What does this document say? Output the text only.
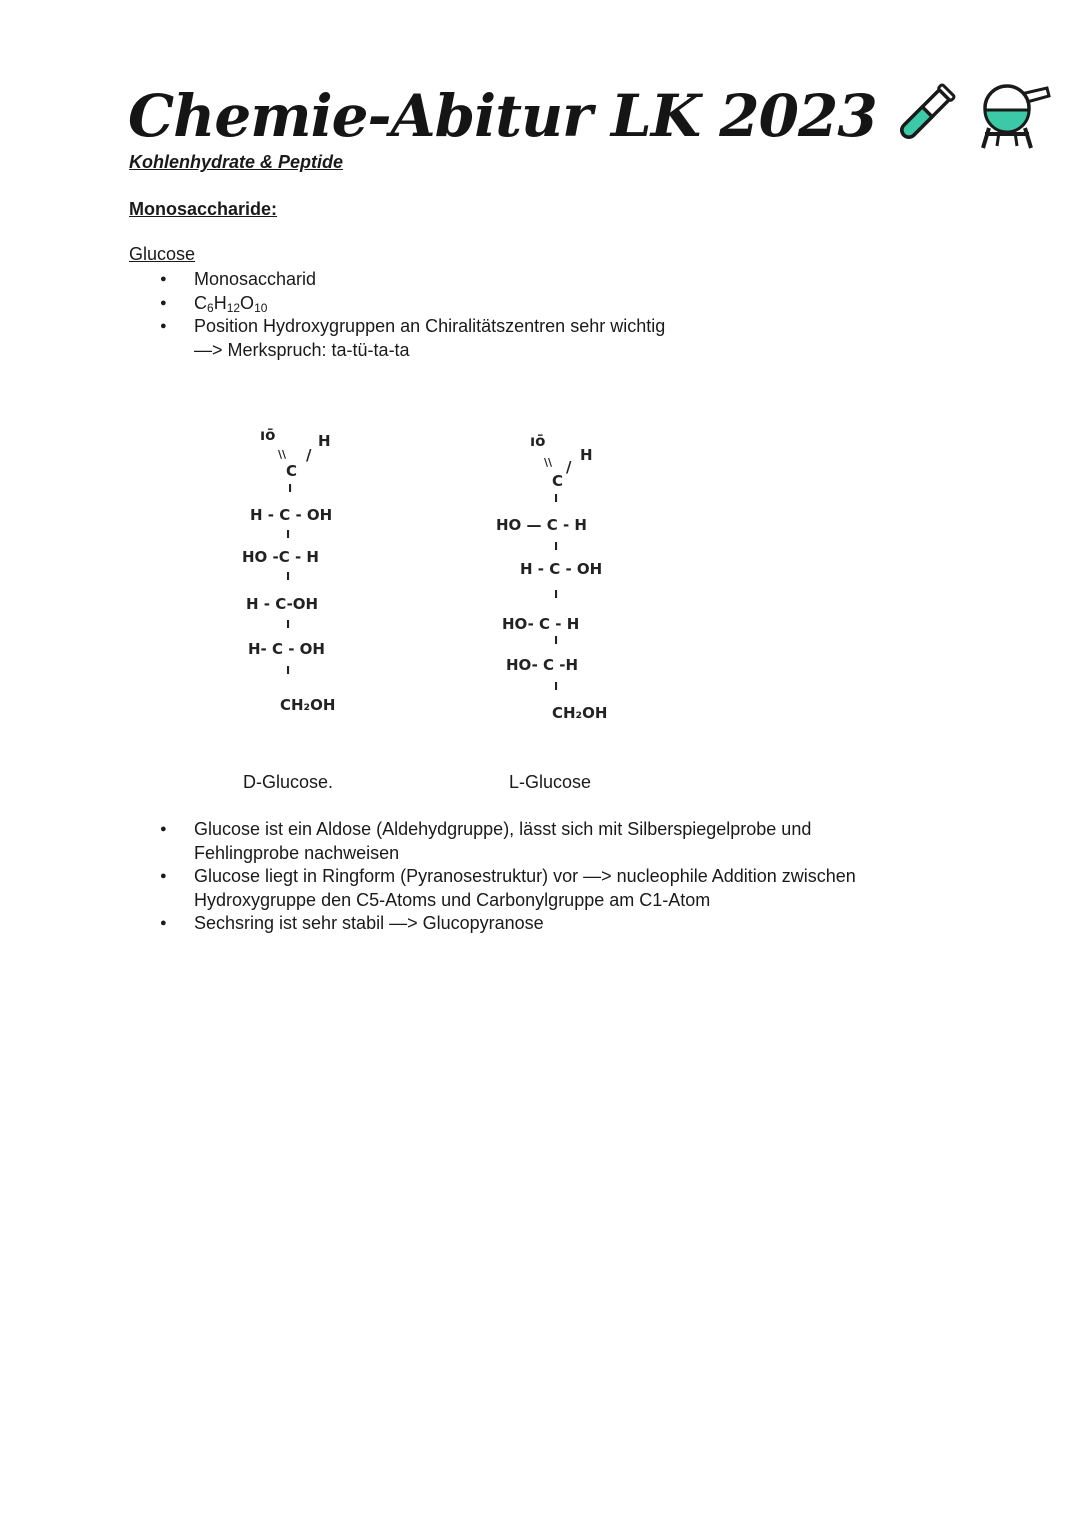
Chemie-Abitur LK 2023
Kohlenhydrate & Peptide
Monosaccharide:
Glucose
● Monosaccharid
● $C_6H_{12}O_{10}$
● Position Hydroxygruppen an Chiralitätszentren sehr wichtig
—> Merkspruch: ta-tü-ta-ta
ıō	H
\\ /
C
I
H - C - OH
I
HO -C - H
I
H - C-OH
I
H- C - OH
I
CH₂OH
D-Glucose.
ıō
H
\\ /
C
I
HO — C - H
I
H - C - OH
I
HO- C - H
I
HO- C -H
I
CH₂OH
L-Glucose
● Glucose ist ein Aldose (Aldehydgruppe), lässt sich mit Silberspiegelprobe und
Fehlingprobe nachweisen
● Glucose liegt in Ringform (Pyranosestruktur) vor —> nucleophile Addition zwischen
Hydroxygruppe den C5-Atoms und Carbonylgruppe am C1-Atom
● Sechsring ist sehr stabil —> Glucopyranose
